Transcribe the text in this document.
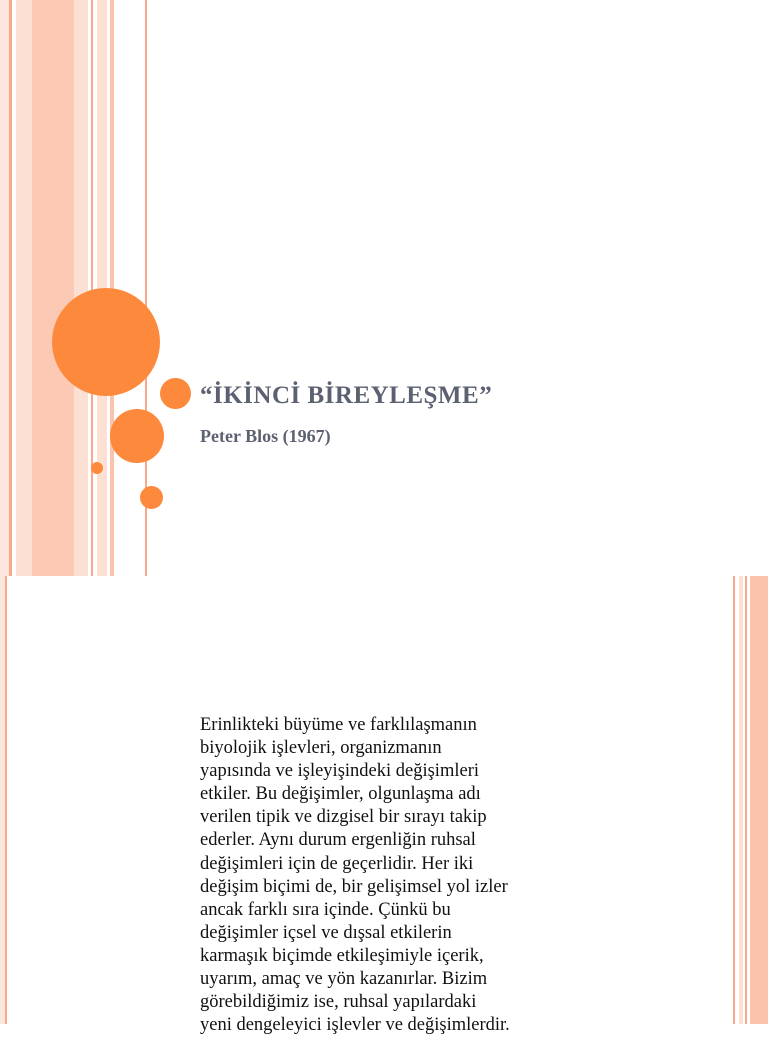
“İKİNCİ BİREYLEŞME”
Peter Blos (1967)

Erinlikteki büyüme ve farklılaşmanın
biyolojik işlevleri, organizmanın
yapısında ve işleyişindeki değişimleri
etkiler. Bu değişimler, olgunlaşma adı
verilen tipik ve dizgisel bir sırayı takip
ederler. Aynı durum ergenliğin ruhsal
değişimleri için de geçerlidir. Her iki
değişim biçimi de, bir gelişimsel yol izler
ancak farklı sıra içinde. Çünkü bu
değişimler içsel ve dışsal etkilerin
karmaşık biçimde etkileşimiyle içerik,
uyarım, amaç ve yön kazanırlar. Bizim
görebildiğimiz ise, ruhsal yapılardaki
yeni dengeleyici işlevler ve değişimlerdir.
